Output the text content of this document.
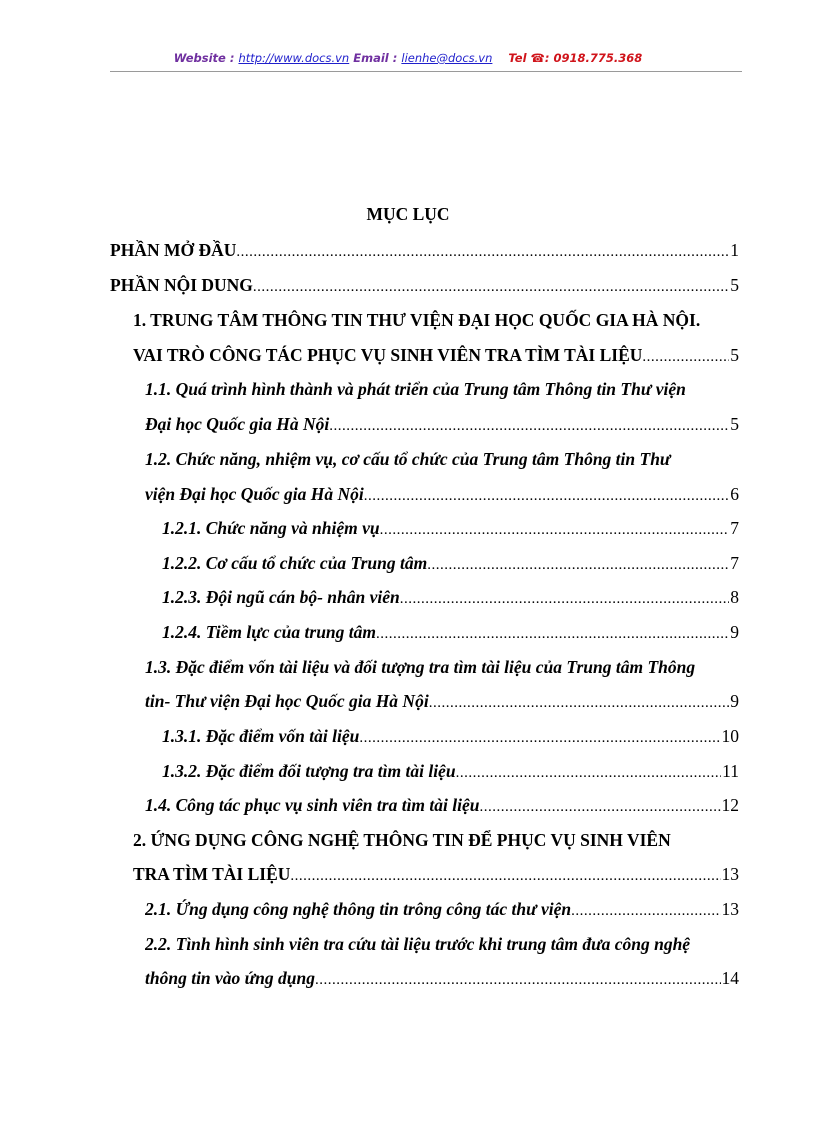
Website : http://www.docs.vn Email : lienhe@docs.vn Tel ☎: 0918.775.368
MỤC LỤC
PHẦN MỞ ĐẦU .....	1
PHẦN NỘI DUNG .....	5
1. TRUNG TÂM THÔNG TIN THƯ VIỆN ĐẠI HỌC QUỐC GIA HÀ NỘI.
VAI TRÒ CÔNG TÁC PHỤC VỤ SINH VIÊN TRA TÌM TÀI LIỆU .....	5
1.1. Quá trình hình thành và phát triển của Trung tâm Thông tin Thư viện
Đại học Quốc gia Hà Nội .....	5
1.2. Chức năng, nhiệm vụ, cơ cấu tổ chức của Trung tâm Thông tin Thư
viện Đại học Quốc gia Hà Nội .....	6
1.2.1. Chức năng và nhiệm vụ .....	7
1.2.2. Cơ cấu tổ chức của Trung tâm .....	7
1.2.3. Đội ngũ cán bộ- nhân viên .....	8
1.2.4. Tiềm lực của trung tâm .....	9
1.3. Đặc điểm vốn tài liệu và đối tượng tra tìm tài liệu của Trung tâm Thông
tin- Thư viện Đại học Quốc gia Hà Nội .....	9
1.3.1. Đặc điểm vốn tài liệu .....	10
1.3.2. Đặc điểm đối tượng tra tìm tài liệu .....	11
1.4. Công tác phục vụ sinh viên tra tìm tài liệu .....	12
2. ỨNG DỤNG CÔNG NGHỆ THÔNG TIN ĐỂ PHỤC VỤ SINH VIÊN
TRA TÌM TÀI LIỆU .....	13
2.1. Ứng dụng công nghệ thông tin trông công tác thư viện .....	13
2.2. Tình hình sinh viên tra cứu tài liệu trước khi trung tâm đưa công nghệ
thông tin vào ứng dụng .....	14
